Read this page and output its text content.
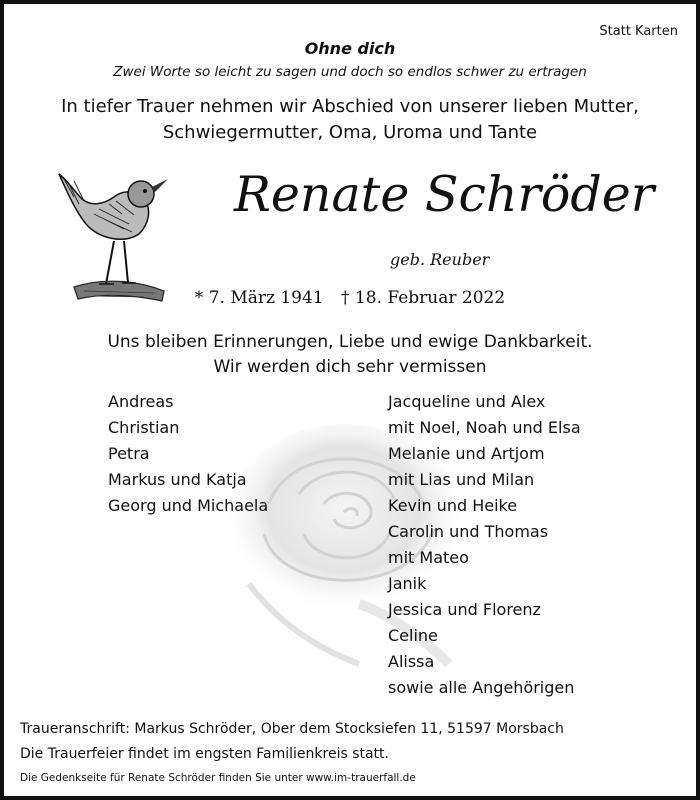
Statt Karten
Ohne dich
Zwei Worte so leicht zu sagen und doch so endlos schwer zu ertragen
In tiefer Trauer nehmen wir Abschied von unserer lieben Mutter,
Schwiegermutter, Oma, Uroma und Tante
Renate Schröder
geb. Reuber
* 7. März 1941 † 18. Februar 2022
Uns bleiben Erinnerungen, Liebe und ewige Dankbarkeit.
Wir werden dich sehr vermissen
Andreas
Christian
Petra
Markus und Katja
Georg und Michaela
Jacqueline und Alex
mit Noel, Noah und Elsa
Melanie und Artjom
mit Lias und Milan
Kevin und Heike
Carolin und Thomas
mit Mateo
Janik
Jessica und Florenz
Celine
Alissa
sowie alle Angehörigen
Traueranschrift: Markus Schröder, Ober dem Stocksiefen 11, 51597 Morsbach
Die Trauerfeier findet im engsten Familienkreis statt.
Die Gedenkseite für Renate Schröder finden Sie unter www.im-trauerfall.de
